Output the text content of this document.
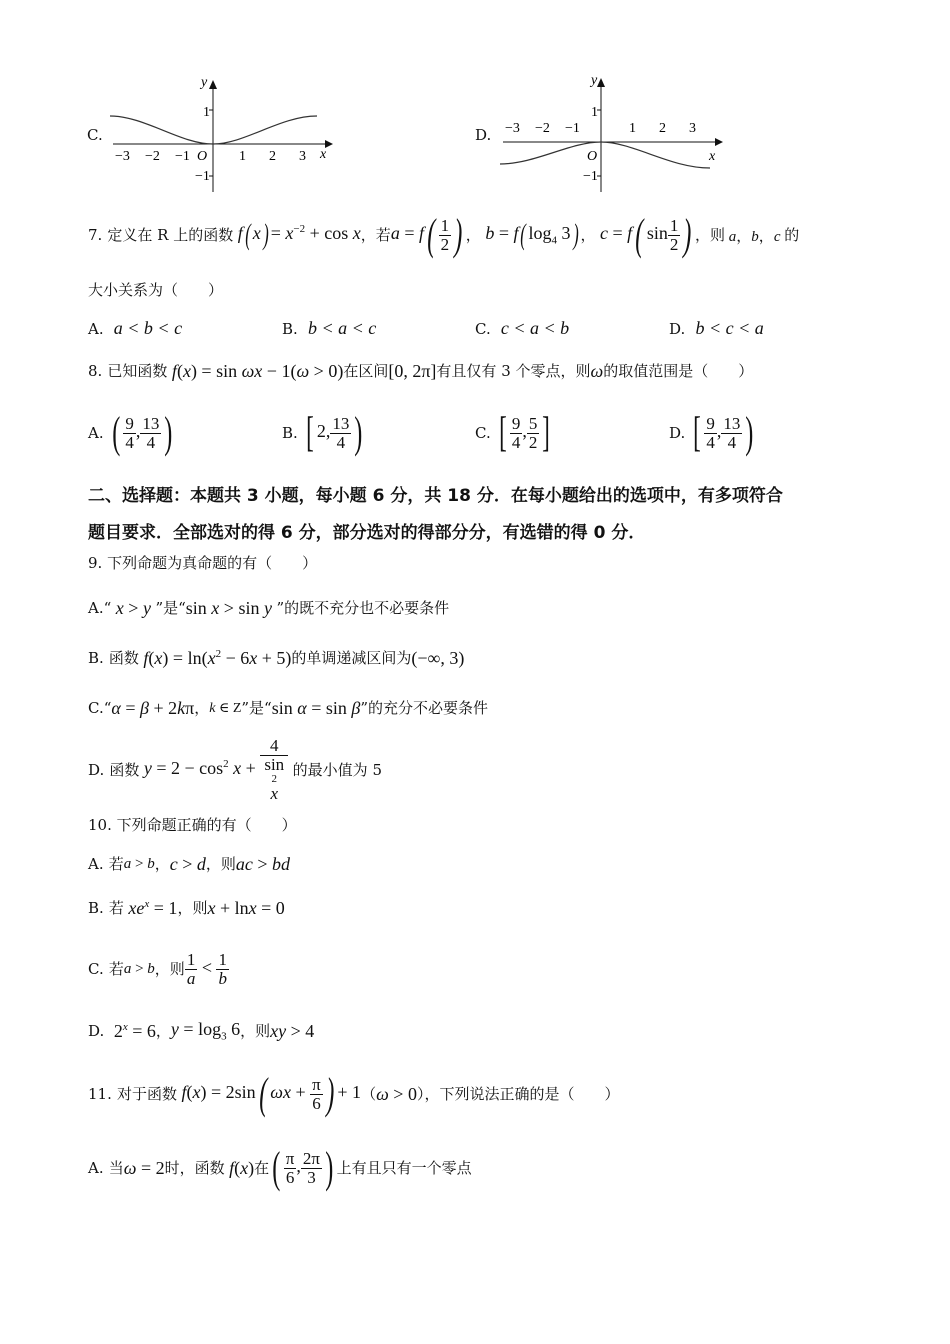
C.
y
1
−1
x
O
−3 −2 −1	1 2 3
D.
y
1
−1
x
O
−3 −2 −1	1 2 3
7.
定义在 R 上的函数 f( $x) = x^{-2} + \cos x$ ，若 $a = f( \frac{1}{2}$ ) ， b = f( $\log_4 3$) ， c = f( $\sin \frac{1}{2}$ ) ，则 a，b，c 的
大小关系为（　　）
A. a < b < c	B. b < a < c	C. c < a < b	D. b < c < a
8.
已知函数 f(x) = sin ωx − 1(ω > 0) 在区间 [0, 2π] 有且仅有 3 个零点，则 ω 的取值范围是（　　）
A.
( $\frac{9}{4}$ , $\frac{13}{4}$ )	B.
[ 2, $\frac{13}{4}$ )	C.
[ $\frac{9}{4}$ , $\frac{5}{2}$ ]	D.
[ $\frac{9}{4}$ , $\frac{13}{4}$ )
二、选择题：本题共 3 小题，每小题 6 分，共 18 分．在每小题给出的选项中，有多项符合
题目要求．全部选对的得 6 分，部分选对的得部分分，有选错的得 0 分．
9. 下列命题为真命题的有（　　）
A. “ x > y ”是“ sin x > sin y ”的既不充分也不必要条件
B.
函数 $f(x) = \ln(x^2 - 6x + 5)$ 的单调递减区间为 (−∞, 3)
C. “ α = β + 2kπ ， k ∈ Z ”是“ sin α = sin β ”的充分不必要条件
D.
函数 $y = 2 - \cos^2 x + 4$
sin
2
x
的最小值为 5
10. 下列命题正确的有（　　）
A.
若 a > b ， c > d ，则 ac > bd
B.
若 $xe^x = 1$ ，则 x + lnx = 0
C.
若 a > b ，则 $\frac{1}{a} < \frac{1}{b}$
D.
$2^x = 6$ ， $y = \log_3 6$ ，则 xy > 4
11.
对于函数 f(x) = 2sin( $\omega x + \frac{\pi}{6}$ ) + 1 （ ω > 0 ），下列说法正确的是（　　）
A.
当 ω = 2 时，函数 f(x) 在 ( $\frac{\pi}{6}$ , $\frac{2\pi}{3}$ ) 上有且只有一个零点
